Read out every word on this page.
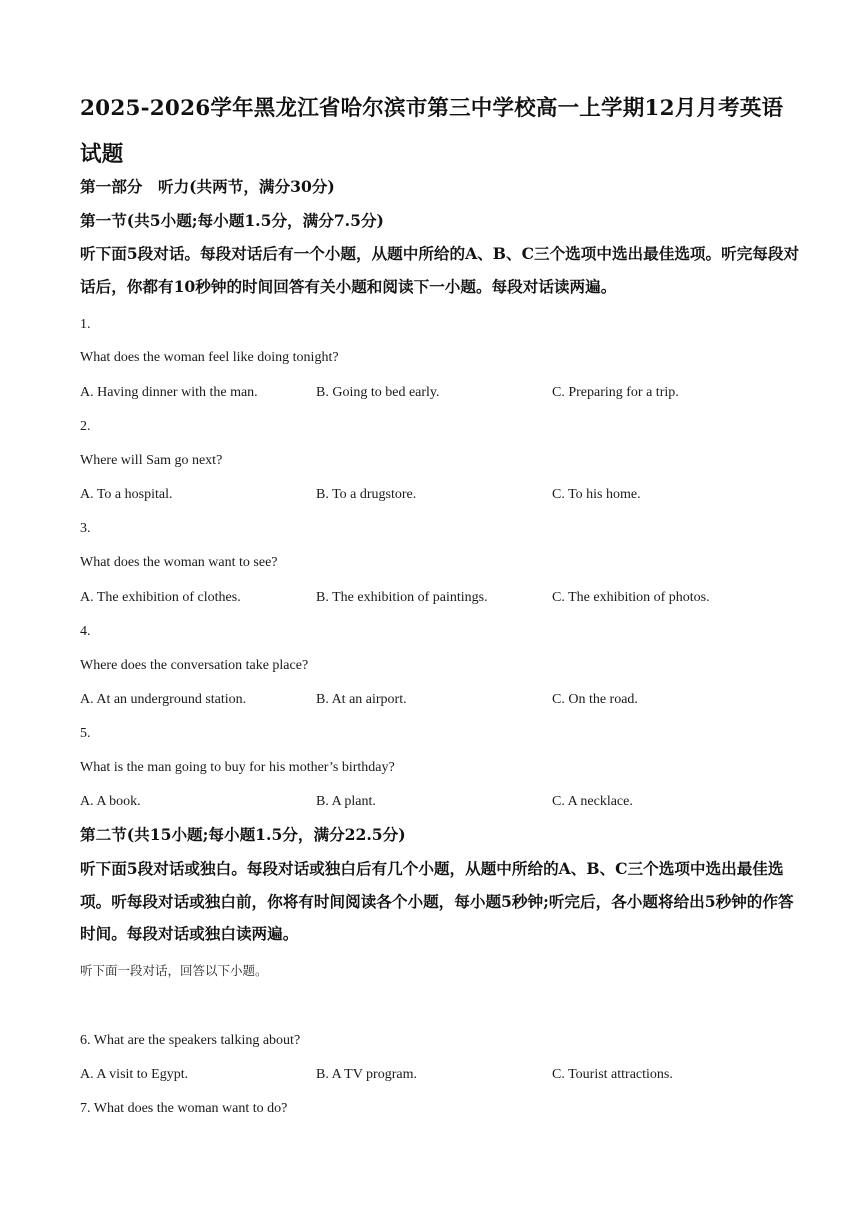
2025-2026学年黑龙江省哈尔滨市第三中学校高一上学期12月月考英语试题
第一部分　听力(共两节，满分30分)
第一节(共5小题;每小题1.5分，满分7.5分)
听下面5段对话。每段对话后有一个小题，从题中所给的A、B、C三个选项中选出最佳选项。听完每段对话后，你都有10秒钟的时间回答有关小题和阅读下一小题。每段对话读两遍。
1.
What does the woman feel like doing tonight?
A. Having dinner with the man.	B. Going to bed early.	C. Preparing for a trip.
2.
Where will Sam go next?
A. To a hospital.	B. To a drugstore.	C. To his home.
3.
What does the woman want to see?
A. The exhibition of clothes.	B. The exhibition of paintings.	C. The exhibition of photos.
4.
Where does the conversation take place?
A. At an underground station.	B. At an airport.	C. On the road.
5.
What is the man going to buy for his mother’s birthday?
A. A book.	B. A plant.	C. A necklace.
第二节(共15小题;每小题1.5分，满分22.5分)
听下面5段对话或独白。每段对话或独白后有几个小题，从题中所给的A、B、C三个选项中选出最佳选项。听每段对话或独白前，你将有时间阅读各个小题，每小题5秒钟;听完后，各小题将给出5秒钟的作答时间。每段对话或独白读两遍。
听下面一段对话，回答以下小题。
6. What are the speakers talking about?
A. A visit to Egypt.	B. A TV program.	C. Tourist attractions.
7. What does the woman want to do?
